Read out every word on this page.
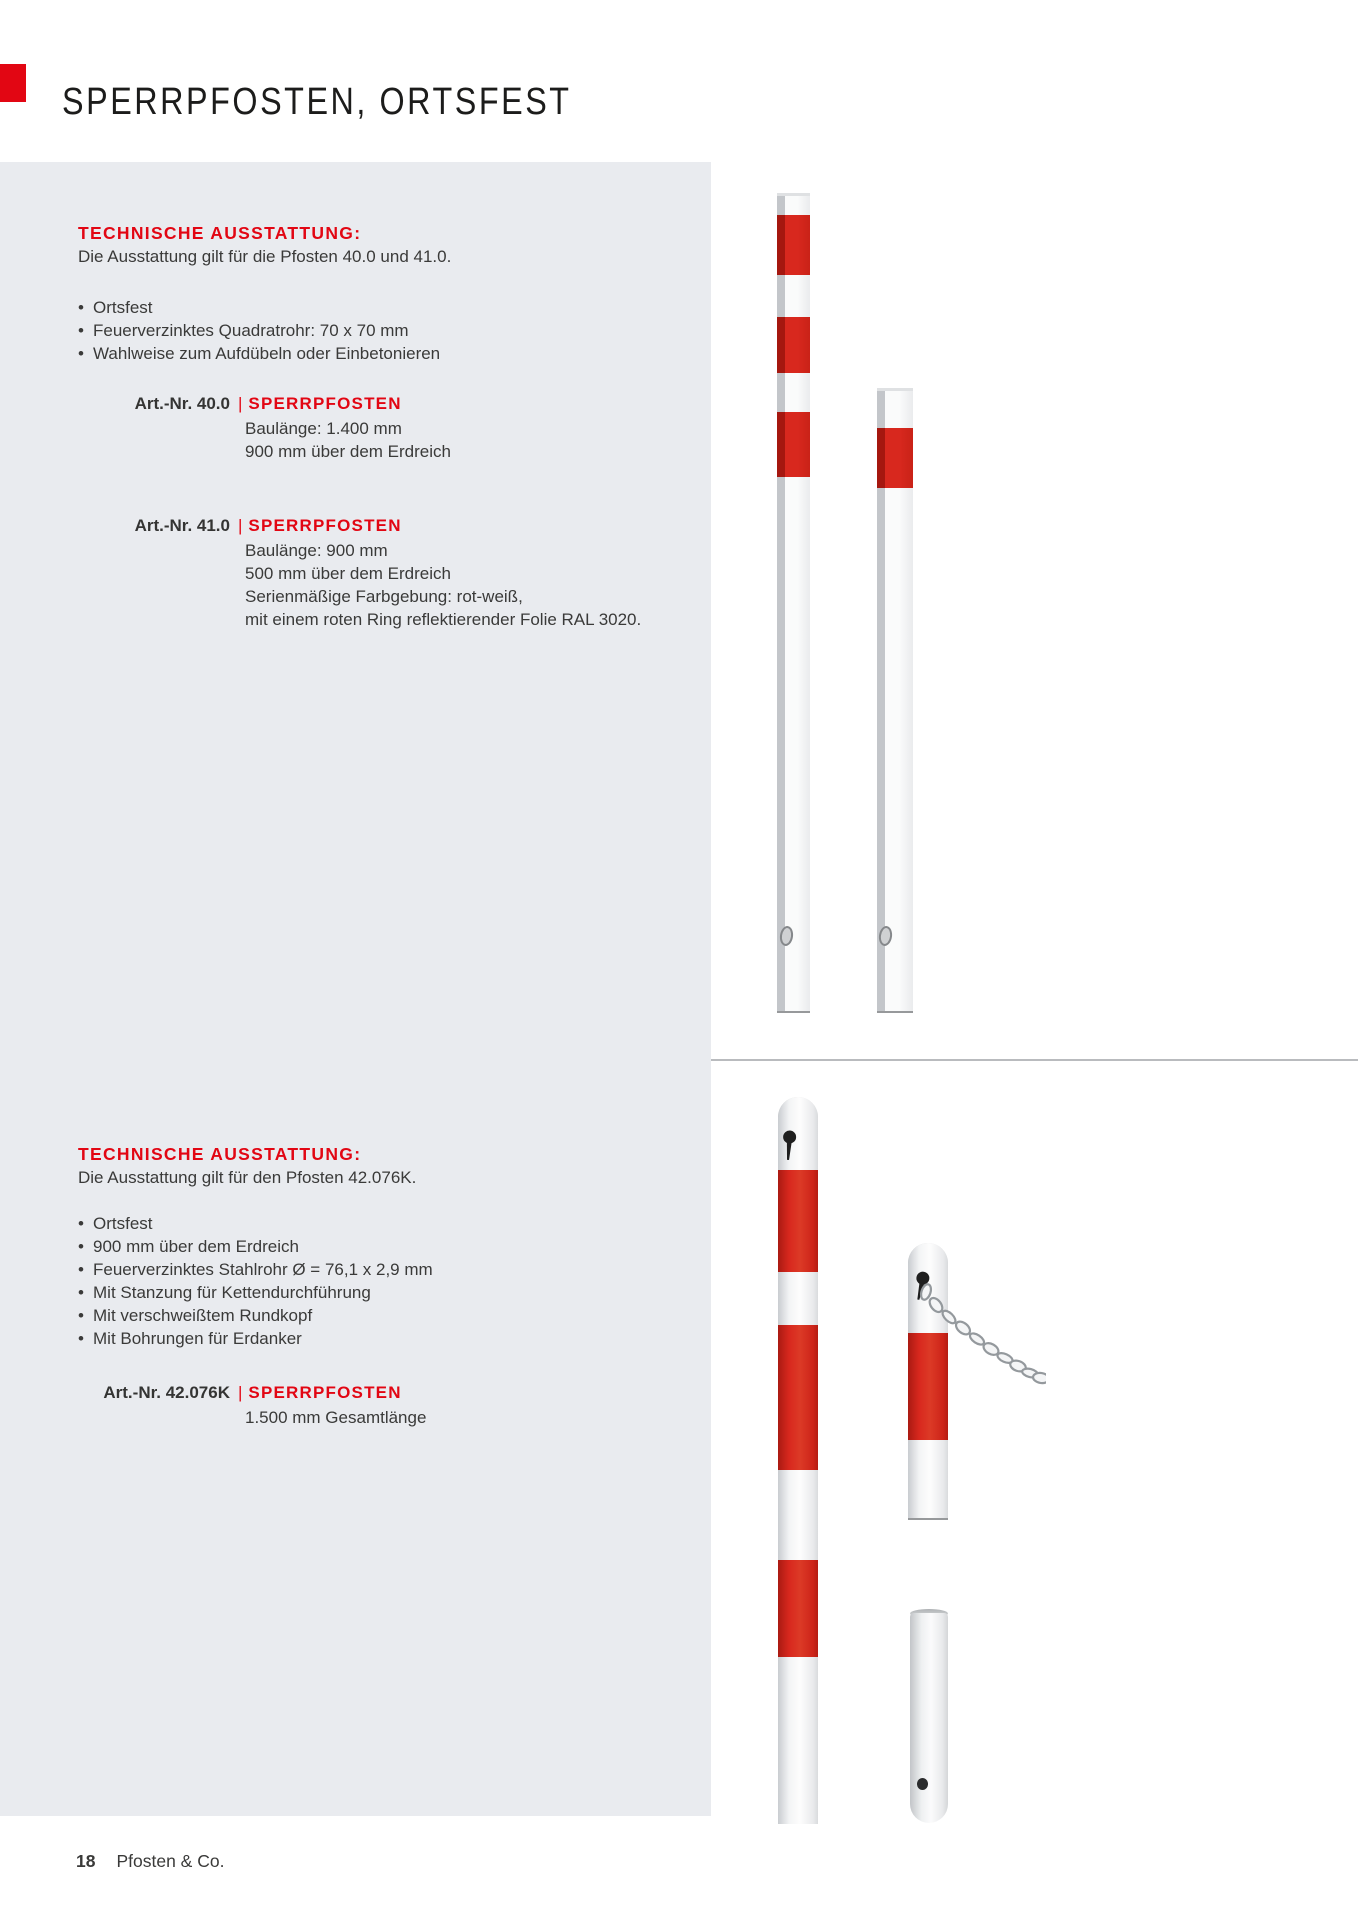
SPERRPFOSTEN, ORTSFEST
TECHNISCHE AUSSTATTUNG:
Die Ausstattung gilt für die Pfosten 40.0 und 41.0.
• Ortsfest
• Feuerverzinktes Quadratrohr: 70 x 70 mm
• Wahlweise zum Aufdübeln oder Einbetonieren
Art.-Nr. 40.0 | SPERRPFOSTEN
Baulänge: 1.400 mm
900 mm über dem Erdreich
Art.-Nr. 41.0 | SPERRPFOSTEN
Baulänge: 900 mm
500 mm über dem Erdreich
Serienmäßige Farbgebung: rot-weiß,
mit einem roten Ring reflektierender Folie RAL 3020.
TECHNISCHE AUSSTATTUNG:
Die Ausstattung gilt für den Pfosten 42.076K.
• Ortsfest
• 900 mm über dem Erdreich
• Feuerverzinktes Stahlrohr Ø = 76,1 x 2,9 mm
• Mit Stanzung für Kettendurchführung
• Mit verschweißtem Rundkopf
• Mit Bohrungen für Erdanker
Art.-Nr. 42.076K | SPERRPFOSTEN
1.500 mm Gesamtlänge
18 Pfosten & Co.
